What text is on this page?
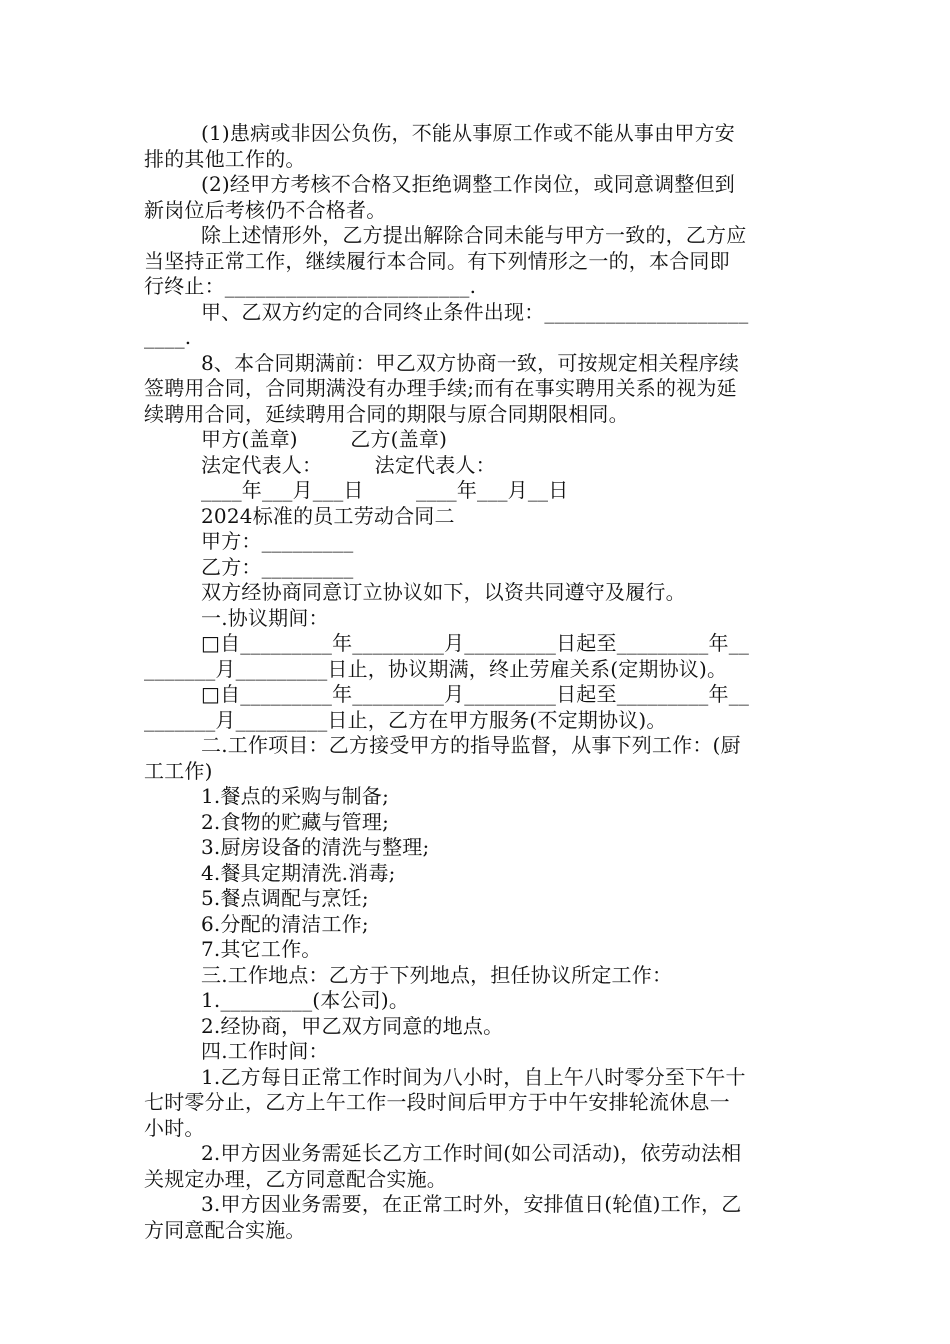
(1)患病或非因公负伤，不能从事原工作或不能从事由甲方安
排的其他工作的。
(2)经甲方考核不合格又拒绝调整工作岗位，或同意调整但到
新岗位后考核仍不合格者。
除上述情形外，乙方提出解除合同未能与甲方一致的，乙方应
当坚持正常工作，继续履行本合同。有下列情形之一的，本合同即
行终止：________________________.
甲、乙双方约定的合同终止条件出现：____________________
____.
8、本合同期满前：甲乙双方协商一致，可按规定相关程序续
签聘用合同，合同期满没有办理手续;而有在事实聘用关系的视为延
续聘用合同，延续聘用合同的期限与原合同期限相同。
甲方(盖章)        乙方(盖章)
法定代表人：        法定代表人：
____年___月___日        ____年___月__日
2024标准的员工劳动合同二
甲方：_________
乙方：_________
双方经协商同意订立协议如下，以资共同遵守及履行。
一.协议期间：
□自_________年_________月_________日起至_________年__
_______月_________日止，协议期满，终止劳雇关系(定期协议)。
□自_________年_________月_________日起至_________年__
_______月_________日止，乙方在甲方服务(不定期协议)。
二.工作项目：乙方接受甲方的指导监督，从事下列工作：(厨
工工作)
1.餐点的采购与制备;
2.食物的贮藏与管理;
3.厨房设备的清洗与整理;
4.餐具定期清洗.消毒;
5.餐点调配与烹饪;
6.分配的清洁工作;
7.其它工作。
三.工作地点：乙方于下列地点，担任协议所定工作：
1._________(本公司)。
2.经协商，甲乙双方同意的地点。
四.工作时间：
1.乙方每日正常工作时间为八小时，自上午八时零分至下午十
七时零分止，乙方上午工作一段时间后甲方于中午安排轮流休息一
小时。
2.甲方因业务需延长乙方工作时间(如公司活动)，依劳动法相
关规定办理，乙方同意配合实施。
3.甲方因业务需要，在正常工时外，安排值日(轮值)工作，乙
方同意配合实施。
